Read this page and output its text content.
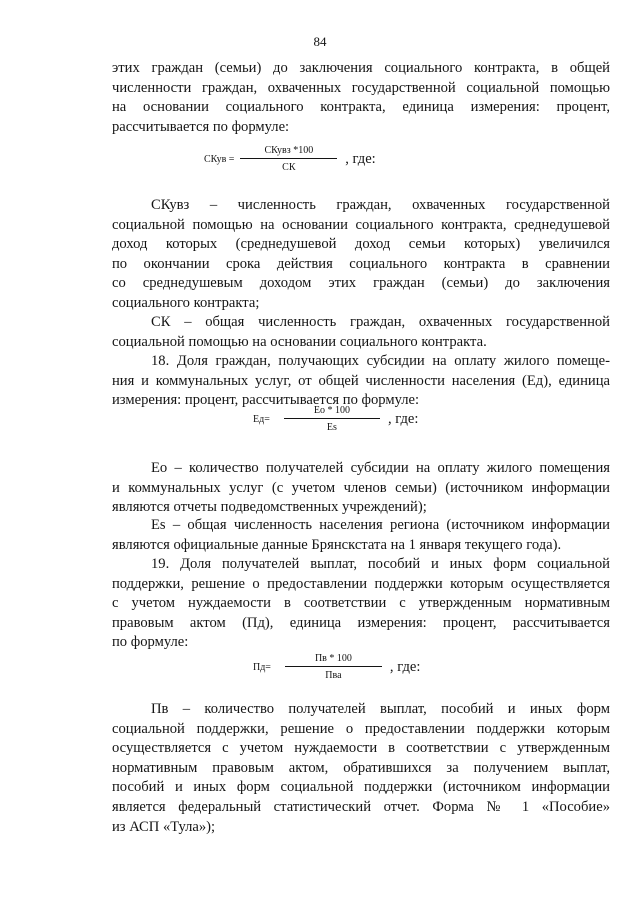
84

этих граждан (семьи) до заключения социального контракта, в общей

численности граждан, охваченных государственной социальной помощью

на основании социального контракта, единица измерения: процент,

рассчитывается по формуле:

СКув = $\frac{\text{СКувз *100}}{СК}$ , где:

СКувз – численность граждан, охваченных государственной

социальной помощью на основании социального контракта, среднедушевой

доход которых (среднедушевой доход семьи которых) увеличился

по окончании срока действия социального контракта в сравнении

со среднедушевым доходом этих граждан (семьи) до заключения

социального контракта;

СК – общая численность граждан, охваченных государственной

социальной помощью на основании социального контракта.

18. Доля граждан, получающих субсидии на оплату жилого помеще-

ния и коммунальных услуг, от общей численности населения (Ед), единица

измерения: процент, рассчитывается по формуле:

$Ед= \frac{Ео * 100}{Еs}$ , где:

Ео – количество получателей субсидии на оплату жилого помещения

и коммунальных услуг (с учетом членов семьи) (источником информации

являются отчеты подведомственных учреждений);

Еs – общая численность населения региона (источником информации

являются официальные данные Брянскстата на 1 января текущего года).

19. Доля получателей выплат, пособий и иных форм социальной

поддержки, решение о предоставлении поддержки которым осуществляется

с учетом нуждаемости в соответствии с утвержденным нормативным

правовым актом (Пд), единица измерения: процент, рассчитывается

по формуле:

$Пд= \frac{Пв * 100}{\text{Пва}}$ , где:

Пв – количество получателей выплат, пособий и иных форм

социальной поддержки, решение о предоставлении поддержки которым

осуществляется с учетом нуждаемости в соответствии с утвержденным

нормативным правовым актом, обратившихся за получением выплат,

пособий и иных форм социальной поддержки (источником информации

является федеральный статистический отчет. Форма № 1 «Пособие»

из АСП «Тула»);
